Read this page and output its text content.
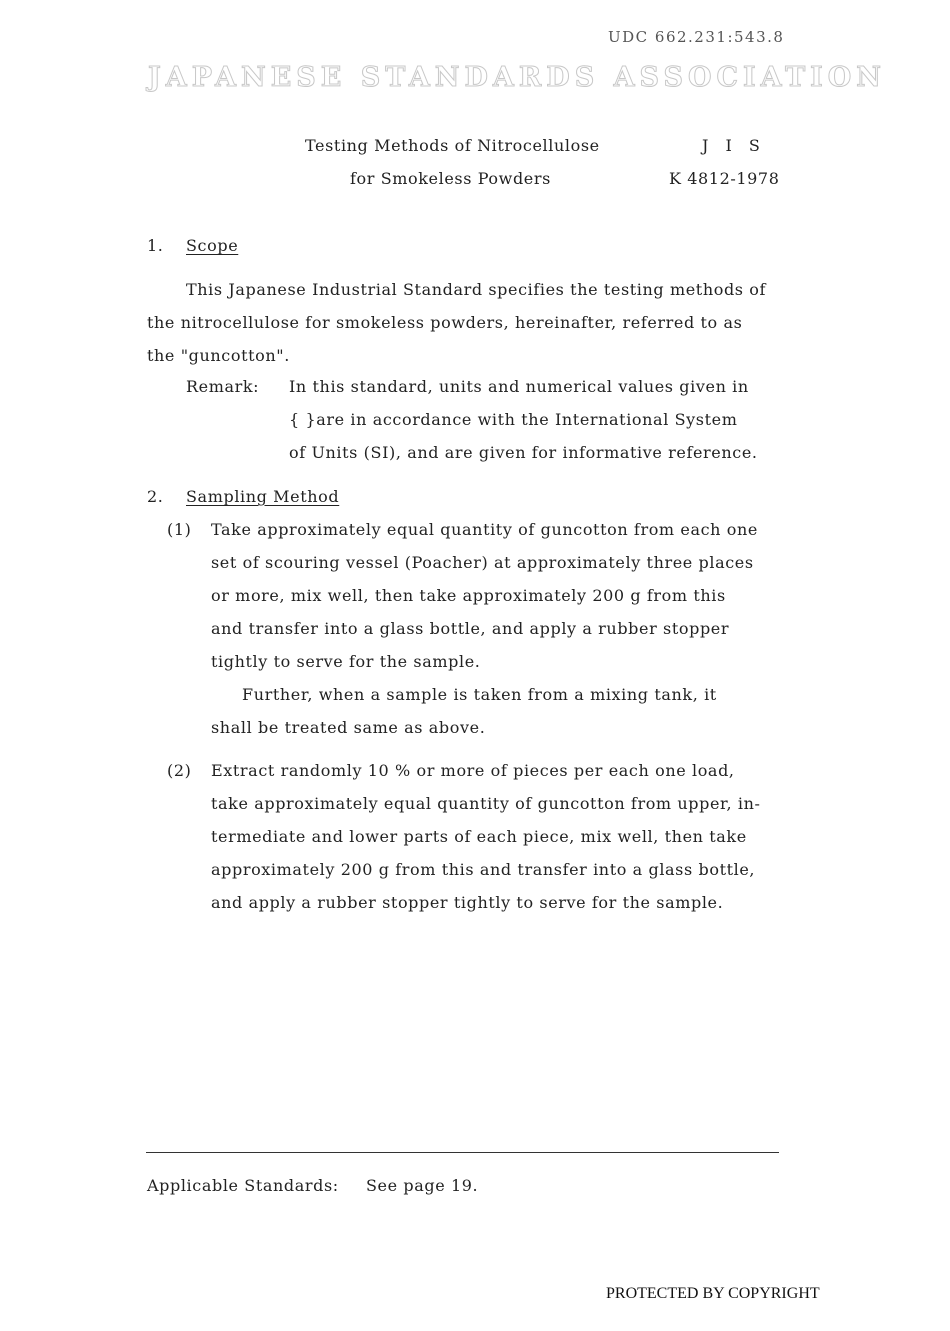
UDC 662.231:543.8
JAPANESE STANDARDS ASSOCIATION
Testing Methods of Nitrocellulose
for Smokeless Powders
J I S
K 4812-1978
1. Scope
This Japanese Industrial Standard specifies the testing methods of
the nitrocellulose for smokeless powders, hereinafter, referred to as
the "guncotton".
Remark: In this standard, units and numerical values given in
{ }are in accordance with the International System
of Units (SI), and are given for informative reference.
2. Sampling Method
(1) Take approximately equal quantity of guncotton from each one
set of scouring vessel (Poacher) at approximately three places
or more, mix well, then take approximately 200 g from this
and transfer into a glass bottle, and apply a rubber stopper
tightly to serve for the sample.
Further, when a sample is taken from a mixing tank, it
shall be treated same as above.
(2) Extract randomly 10 % or more of pieces per each one load,
take approximately equal quantity of guncotton from upper, in-
termediate and lower parts of each piece, mix well, then take
approximately 200 g from this and transfer into a glass bottle,
and apply a rubber stopper tightly to serve for the sample.
Applicable Standards: See page 19.
PROTECTED BY COPYRIGHT
